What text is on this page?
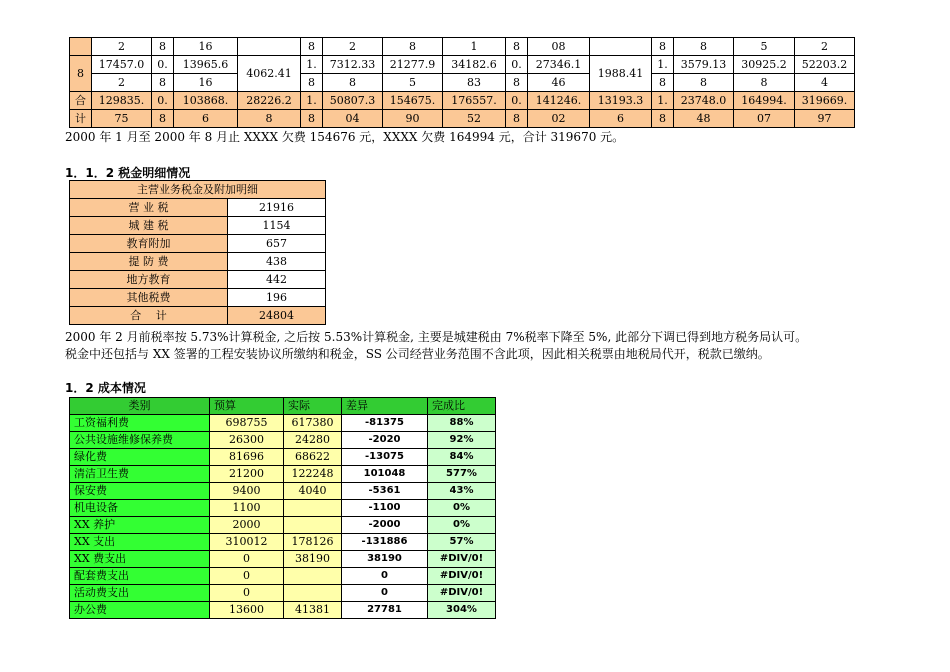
	2	8	16		8	2	8	1	8	08		8	8	5	2
8	17457.0	0.	13965.6	4062.41	1.	7312.33	21277.9	34182.6	0.	27346.1	1988.41	1.	3579.13	30925.2	52203.2
	2	8	16		8	8	5	83	8	46		8	8	8	4
合	129835.	0.	103868.	28226.2	1.	50807.3	154675.	176557.	0.	141246.	13193.3	1.	23748.0	164994.	319669.
计	75	8	6	8	8	04	90	52	8	02	6	8	48	07	97
2000 年 1 月至 2000 年 8 月止 XXXX 欠费 154676 元，XXXX 欠费 164994 元，合计 319670 元。
1．1．2 税金明细情况
主营业务税金及附加明细	
营 业 税	21916
城 建 税	1154
教育附加	657
提 防 费	438
地方教育	442
其他税费	196
合　 计	24804
2000 年 2 月前税率按 5.73%计算税金, 之后按 5.53%计算税金, 主要是城建税由 7%税率下降至 5%, 此部分下调已得到地方税务局认可。
税金中还包括与 XX 签署的工程安装协议所缴纳和税金，SS 公司经营业务范围不含此项，因此相关税票由地税局代开，税款已缴纳。
1．2 成本情况
类别	预算	实际	差异	完成比
工资福利费	698755	617380	-81375	88%
公共设施维修保养费	26300	24280	-2020	92%
绿化费	81696	68622	-13075	84%
清洁卫生费	21200	122248	101048	577%
保安费	9400	4040	-5361	43%
机电设备	1100		-1100	0%
XX 养护	2000		-2000	0%
XX 支出	310012	178126	-131886	57%
XX 费支出	0	38190	38190	#DIV/0!
配套费支出	0		0	#DIV/0!
活动费支出	0		0	#DIV/0!
办公费	13600	41381	27781	304%
